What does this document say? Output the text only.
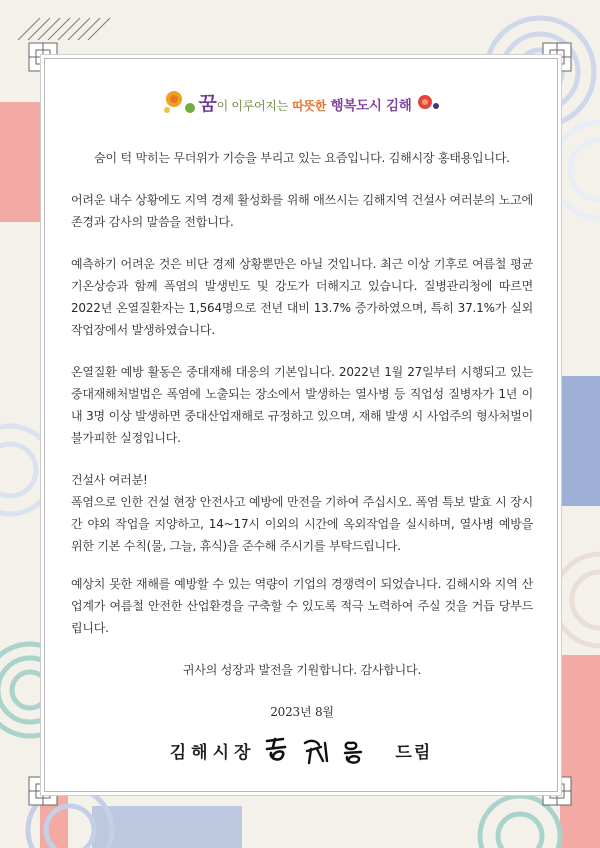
꿈이 이루어지는 따뜻한 행복도시 김해

숨이 턱 막히는 무더위가 기승을 부리고 있는 요즘입니다. 김해시장 홍태용입니다.

어려운 내수 상황에도 지역 경제 활성화를 위해 애쓰시는 김해지역 건설사 여러분의 노고에 존경과 감사의 말씀을 전합니다.

예측하기 어려운 것은 비단 경제 상황뿐만은 아닐 것입니다. 최근 이상 기후로 여름철 평균 기온상승과 함께 폭염의 발생빈도 및 강도가 더해지고 있습니다. 질병관리청에 따르면 2022년 온열질환자는 1,564명으로 전년 대비 13.7% 증가하였으며, 특히 37.1%가 실외 작업장에서 발생하였습니다.

온열질환 예방 활동은 중대재해 대응의 기본입니다. 2022년 1월 27일부터 시행되고 있는 중대재해처벌법은 폭염에 노출되는 장소에서 발생하는 열사병 등 직업성 질병자가 1년 이내 3명 이상 발생하면 중대산업재해로 규정하고 있으며, 재해 발생 시 사업주의 형사처벌이 불가피한 실정입니다.

건설사 여러분!
폭염으로 인한 건설 현장 안전사고 예방에 만전을 기하여 주십시오. 폭염 특보 발효 시 장시간 야외 작업을 지양하고, 14~17시 이외의 시간에 옥외작업을 실시하며, 열사병 예방을 위한 기본 수칙(물, 그늘, 휴식)을 준수해 주시기를 부탁드립니다.

예상치 못한 재해를 예방할 수 있는 역량이 기업의 경쟁력이 되었습니다. 김해시와 지역 산업계가 여름철 안전한 산업환경을 구축할 수 있도록 적극 노력하여 주실 것을 거듭 당부드립니다.

귀사의 성장과 발전을 기원합니다. 감사합니다.

2023년 8월

김해시장	드림
